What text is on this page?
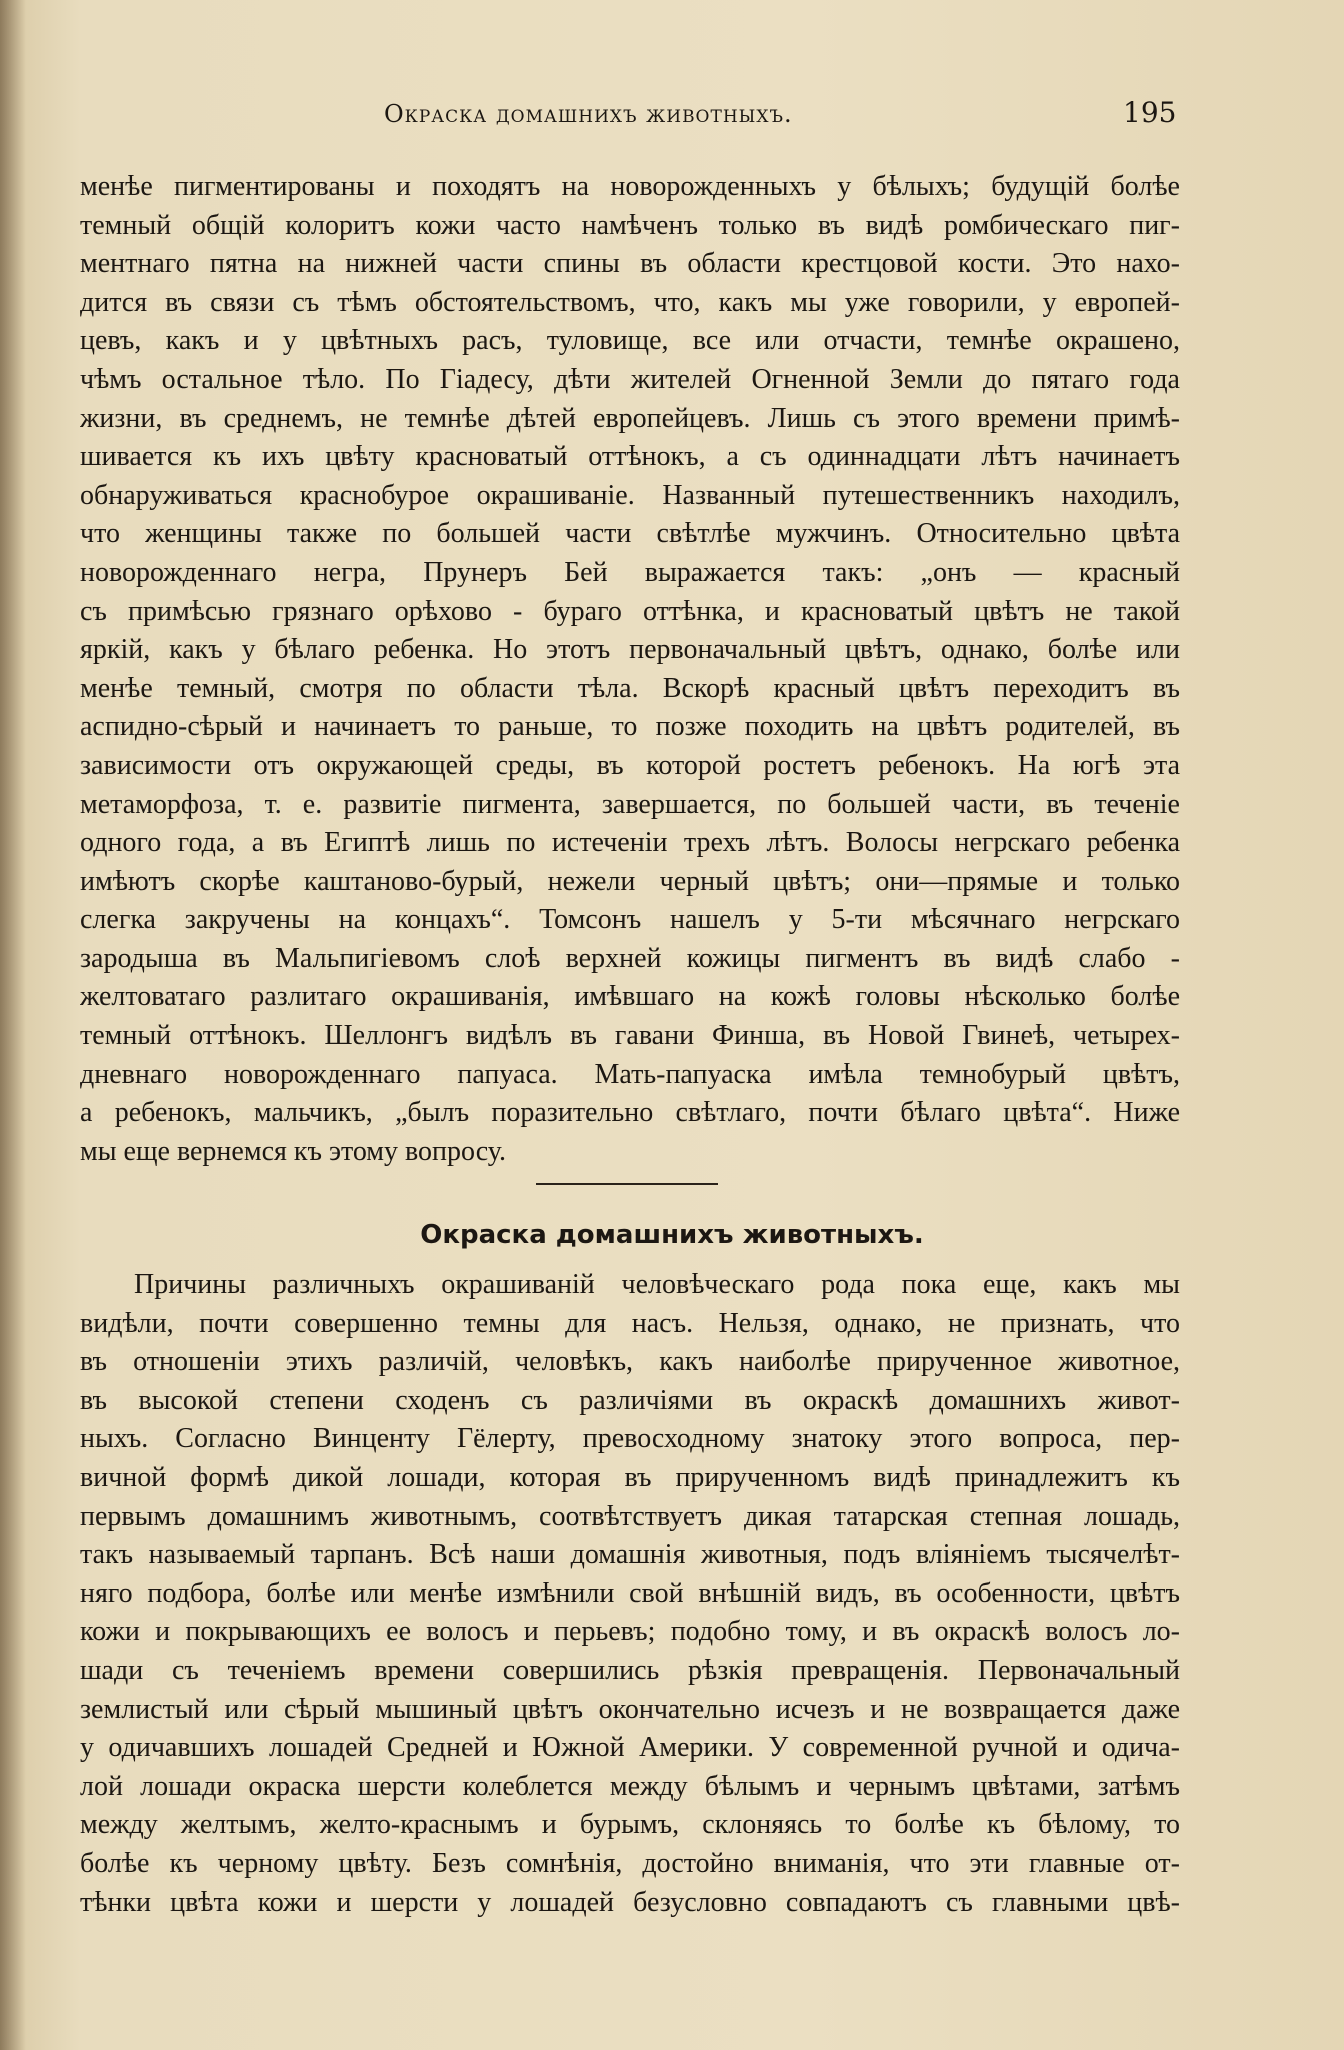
Окраска домашнихъ животныхъ.	195
менѣе пигментированы и походятъ на новорожденныхъ у бѣлыхъ; будущій болѣе
темный общій колоритъ кожи часто намѣченъ только въ видѣ ромбическаго пиг-
ментнаго пятна на нижней части спины въ области крестцовой кости. Это нахо-
дится въ связи съ тѣмъ обстоятельствомъ, что, какъ мы уже говорили, у европей-
цевъ, какъ и у цвѣтныхъ расъ, туловище, все или отчасти, темнѣе окрашено,
чѣмъ остальное тѣло. По Гіадесу, дѣти жителей Огненной Земли до пятаго года
жизни, въ среднемъ, не темнѣе дѣтей европейцевъ. Лишь съ этого времени примѣ-
шивается къ ихъ цвѣту красноватый оттѣнокъ, а съ одиннадцати лѣтъ начинаетъ
обнаруживаться краснобурое окрашиваніе. Названный путешественникъ находилъ,
что женщины также по большей части свѣтлѣе мужчинъ. Относительно цвѣта
новорожденнаго негра, Прунеръ Бей выражается такъ: „онъ — красный
съ примѣсью грязнаго орѣхово - бураго оттѣнка, и красноватый цвѣтъ не такой
яркій, какъ у бѣлаго ребенка. Но этотъ первоначальный цвѣтъ, однако, болѣе или
менѣе темный, смотря по области тѣла. Вскорѣ красный цвѣтъ переходитъ въ
аспидно-сѣрый и начинаетъ то раньше, то позже походить на цвѣтъ родителей, въ
зависимости отъ окружающей среды, въ которой ростетъ ребенокъ. На югѣ эта
метаморфоза, т. е. развитіе пигмента, завершается, по большей части, въ теченіе
одного года, а въ Египтѣ лишь по истеченіи трехъ лѣтъ. Волосы негрскаго ребенка
имѣютъ скорѣе каштаново-бурый, нежели черный цвѣтъ; они—прямые и только
слегка закручены на концахъ“. Томсонъ нашелъ у 5-ти мѣсячнаго негрскаго
зародыша въ Мальпигіевомъ слоѣ верхней кожицы пигментъ въ видѣ слабо -
желтоватаго разлитаго окрашиванія, имѣвшаго на кожѣ головы нѣсколько болѣе
темный оттѣнокъ. Шеллонгъ видѣлъ въ гавани Финша, въ Новой Гвинеѣ, четырех-
дневнаго новорожденнаго папуаса. Мать-папуаска имѣла темнобурый цвѣтъ,
а ребенокъ, мальчикъ, „былъ поразительно свѣтлаго, почти бѣлаго цвѣта“. Ниже
мы еще вернемся къ этому вопросу.
Окраска домашнихъ животныхъ.
Причины различныхъ окрашиваній человѣческаго рода пока еще, какъ мы
видѣли, почти совершенно темны для насъ. Нельзя, однако, не признать, что
въ отношеніи этихъ различій, человѣкъ, какъ наиболѣе прирученное животное,
въ высокой степени сходенъ съ различіями въ окраскѣ домашнихъ живот-
ныхъ. Согласно Винценту Гёлерту, превосходному знатоку этого вопроса, пер-
вичной формѣ дикой лошади, которая въ прирученномъ видѣ принадлежитъ къ
первымъ домашнимъ животнымъ, соотвѣтствуетъ дикая татарская степная лошадь,
такъ называемый тарпанъ. Всѣ наши домашнія животныя, подъ вліяніемъ тысячелѣт-
няго подбора, болѣе или менѣе измѣнили свой внѣшній видъ, въ особенности, цвѣтъ
кожи и покрывающихъ ее волосъ и перьевъ; подобно тому, и въ окраскѣ волосъ ло-
шади съ теченіемъ времени совершились рѣзкія превращенія. Первоначальный
землистый или сѣрый мышиный цвѣтъ окончательно исчезъ и не возвращается даже
у одичавшихъ лошадей Средней и Южной Америки. У современной ручной и одича-
лой лошади окраска шерсти колеблется между бѣлымъ и чернымъ цвѣтами, затѣмъ
между желтымъ, желто-краснымъ и бурымъ, склоняясь то болѣе къ бѣлому, то
болѣе къ черному цвѣту. Безъ сомнѣнія, достойно вниманія, что эти главные от-
тѣнки цвѣта кожи и шерсти у лошадей безусловно совпадаютъ съ главными цвѣ-
